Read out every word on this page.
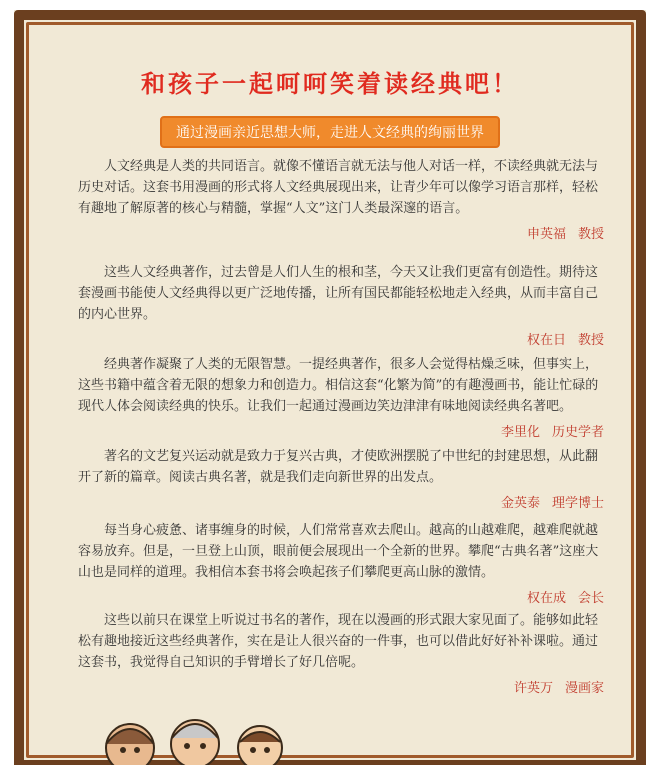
和孩子一起呵呵笑着读经典吧！
通过漫画亲近思想大师，走进人文经典的绚丽世界

人文经典是人类的共同语言。就像不懂语言就无法与他人对话一样，不读经典就无法与历史对话。这套书用漫画的形式将人文经典展现出来，让青少年可以像学习语言那样，轻松有趣地了解原著的核心与精髓，掌握“人文”这门人类最深邃的语言。

申英福 教授

这些人文经典著作，过去曾是人们人生的根和茎，今天又让我们更富有创造性。期待这套漫画书能使人文经典得以更广泛地传播，让所有国民都能轻松地走入经典，从而丰富自己的内心世界。

权在日 教授

经典著作凝聚了人类的无限智慧。一提经典著作，很多人会觉得枯燥乏味，但事实上，这些书籍中蕴含着无限的想象力和创造力。相信这套“化繁为简”的有趣漫画书，能让忙碌的现代人体会阅读经典的快乐。让我们一起通过漫画边笑边津津有味地阅读经典名著吧。

李里化 历史学者

著名的文艺复兴运动就是致力于复兴古典，才使欧洲摆脱了中世纪的封建思想，从此翻开了新的篇章。阅读古典名著，就是我们走向新世界的出发点。

金英泰 理学博士

每当身心疲惫、诸事缠身的时候，人们常常喜欢去爬山。越高的山越难爬，越难爬就越容易放弃。但是，一旦登上山顶，眼前便会展现出一个全新的世界。攀爬“古典名著”这座大山也是同样的道理。我相信本套书将会唤起孩子们攀爬更高山脉的激情。

权在成 会长

这些以前只在课堂上听说过书名的著作，现在以漫画的形式跟大家见面了。能够如此轻松有趣地接近这些经典著作，实在是让人很兴奋的一件事，也可以借此好好补补课啦。通过这套书，我觉得自己知识的手臂增长了好几倍呢。

许英万 漫画家
